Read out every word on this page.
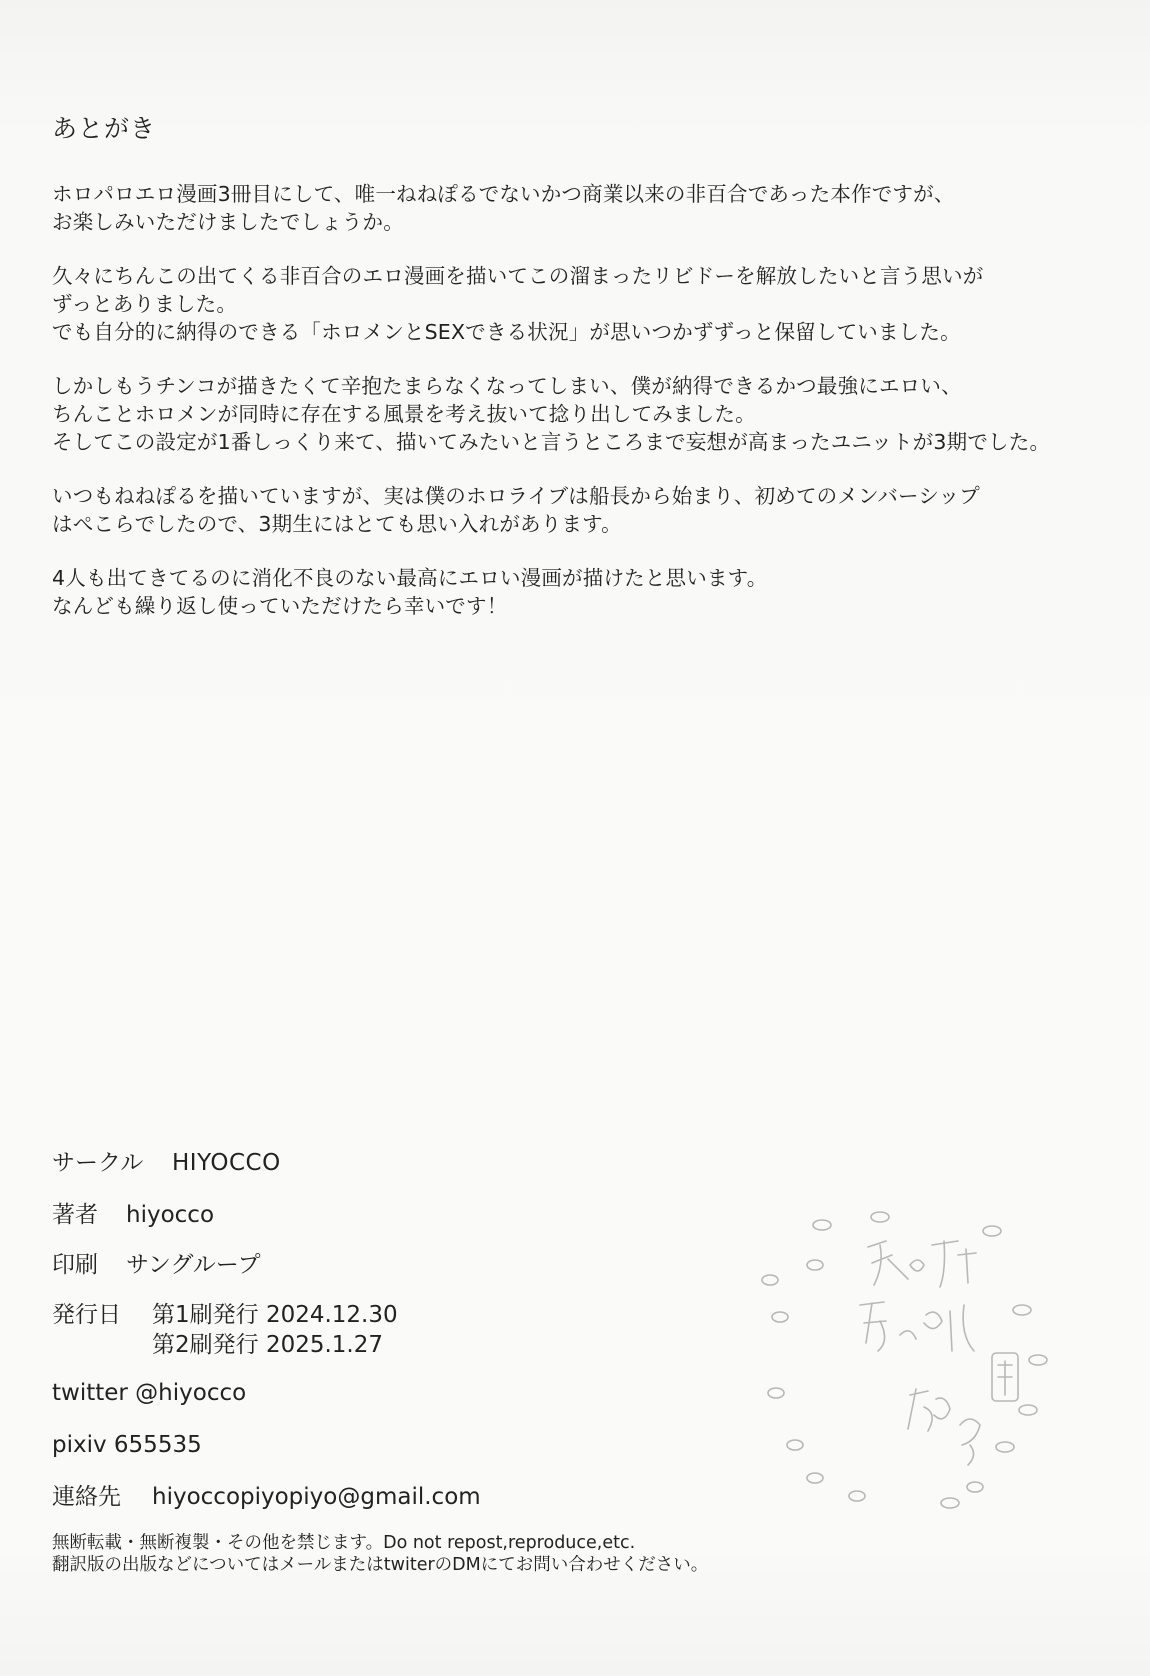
あとがき
ホロパロエロ漫画3冊目にして、唯一ねねぽるでないかつ商業以来の非百合であった本作ですが、
お楽しみいただけましたでしょうか。
久々にちんこの出てくる非百合のエロ漫画を描いてこの溜まったリビドーを解放したいと言う思いが
ずっとありました。
でも自分的に納得のできる「ホロメンとSEXできる状況」が思いつかずずっと保留していました。
しかしもうチンコが描きたくて辛抱たまらなくなってしまい、僕が納得できるかつ最強にエロい、
ちんことホロメンが同時に存在する風景を考え抜いて捻り出してみました。
そしてこの設定が1番しっくり来て、描いてみたいと言うところまで妄想が高まったユニットが3期でした。
いつもねねぽるを描いていますが、実は僕のホロライブは船長から始まり、初めてのメンバーシップ
はぺこらでしたので、3期生にはとても思い入れがあります。
4人も出てきてるのに消化不良のない最高にエロい漫画が描けたと思います。
なんども繰り返し使っていただけたら幸いです！
サークル	HIYOCCO
著者	hiyocco
印刷	サングループ
発行日	第1刷発行 2024.12.30
第2刷発行 2025.1.27
twitter @hiyocco
pixiv 655535
連絡先	hiyoccopiyopiyo@gmail.com
無断転載・無断複製・その他を禁じます。Do not repost,reproduce,etc.
翻訳版の出版などについてはメールまたはtwiterのDMにてお問い合わせください。
